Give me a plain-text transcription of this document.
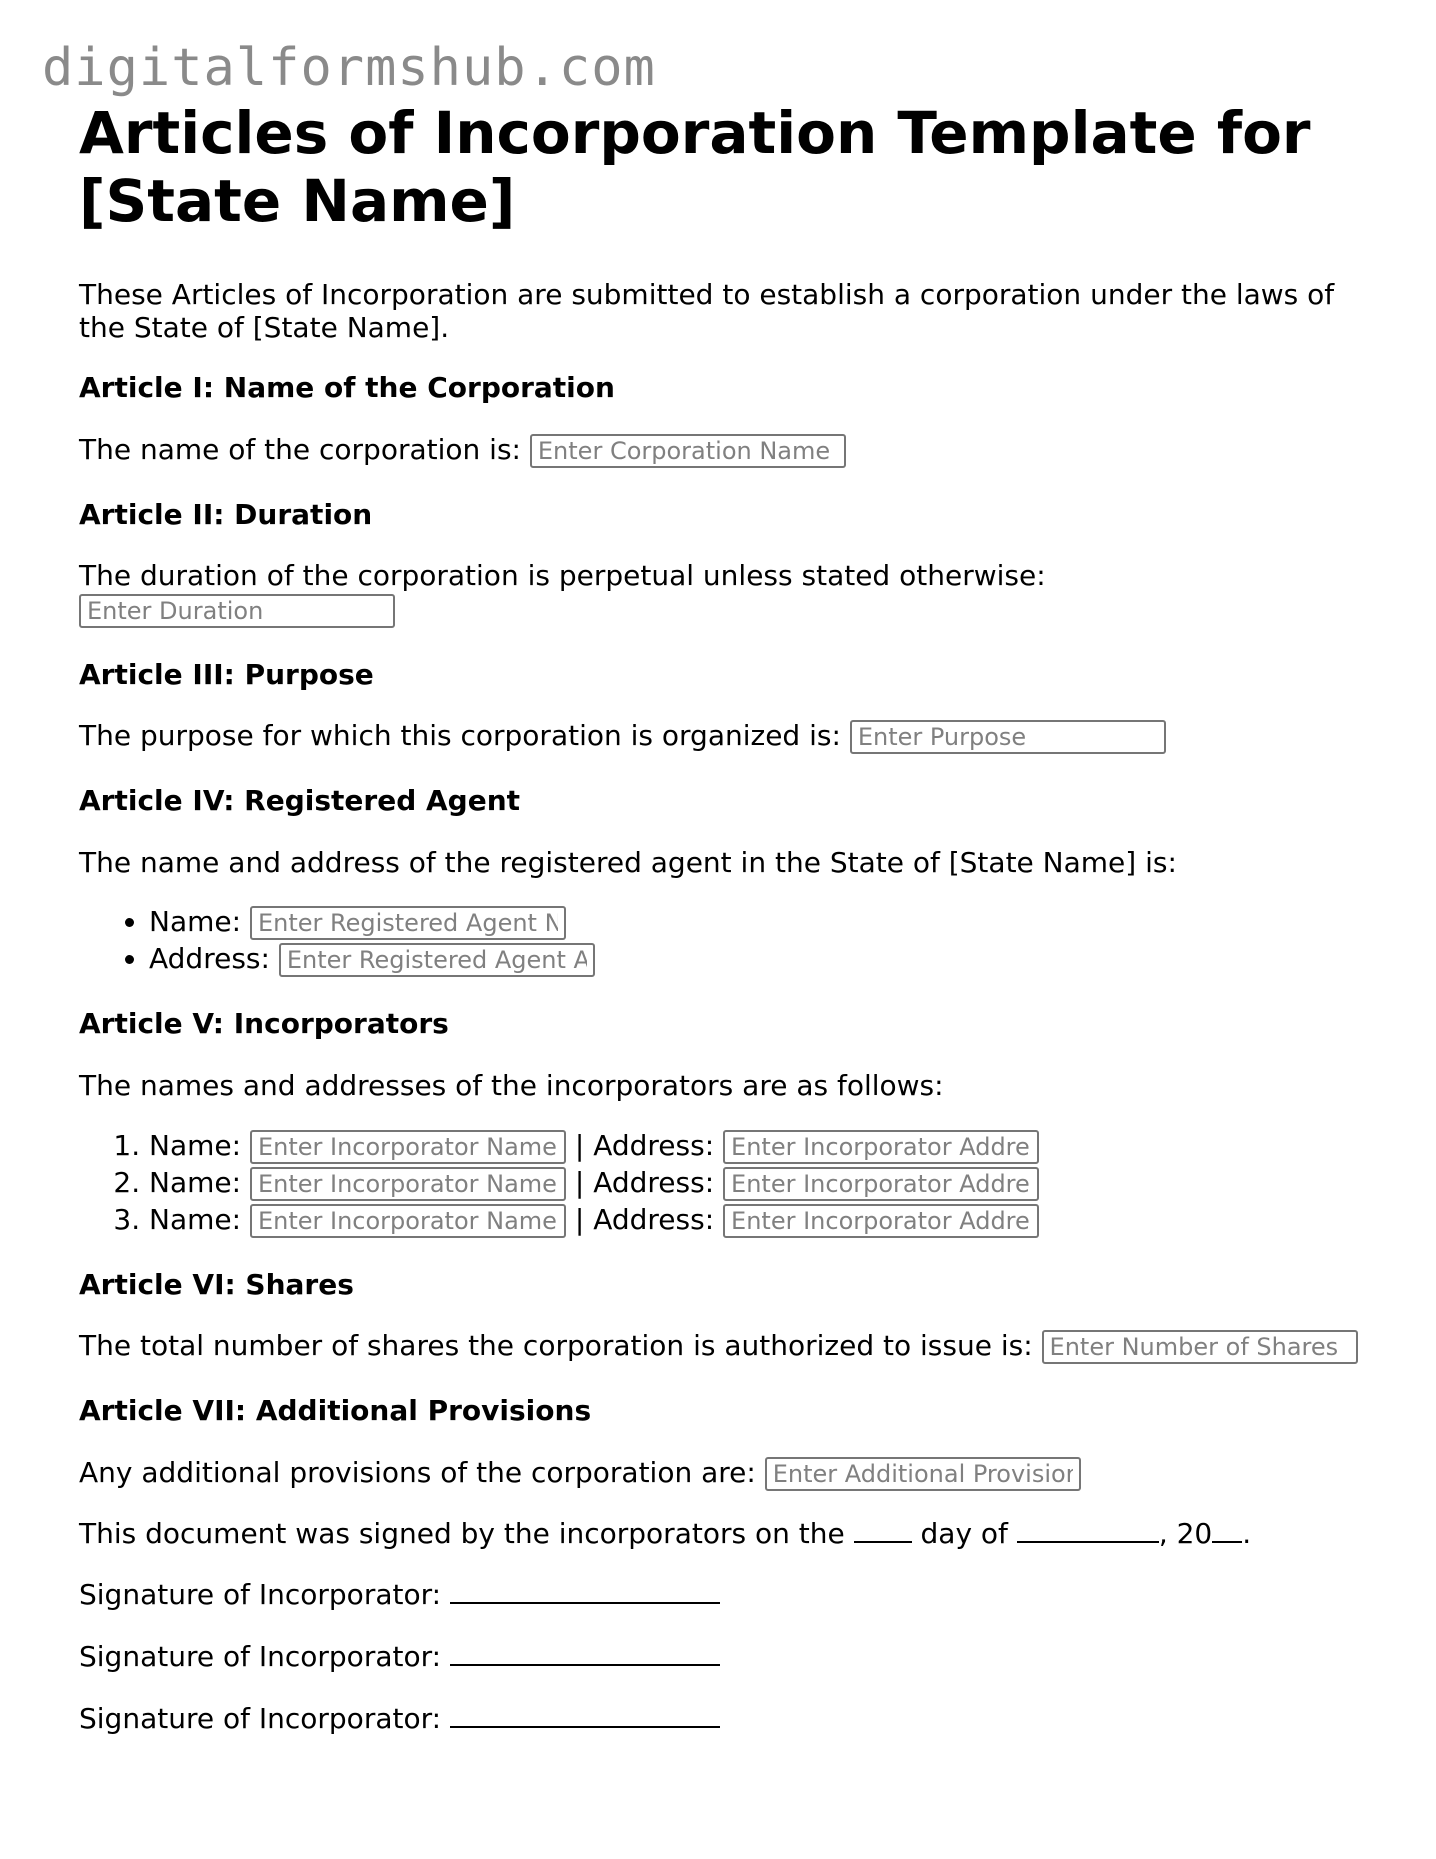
digitalformshub.com
Articles of Incorporation Template for [State Name]

These Articles of Incorporation are submitted to establish a corporation under the laws of the State of [State Name].

Article I: Name of the Corporation

The name of the corporation is: Enter Corporation Name

Article II: Duration

The duration of the corporation is perpetual unless stated otherwise:
Enter Duration

Article III: Purpose

The purpose for which this corporation is organized is: Enter Purpose

Article IV: Registered Agent

The name and address of the registered agent in the State of [State Name] is:

• Name: Enter Registered Agent Name
• Address: Enter Registered Agent Address
Article V: Incorporators

The names and addresses of the incorporators are as follows:

1. Name: Enter Incorporator Name 1	| Address: Enter Incorporator Address 1
2. Name: Enter Incorporator Name 2	| Address: Enter Incorporator Address 2
3. Name: Enter Incorporator Name 3	| Address: Enter Incorporator Address 3
Article VI: Shares

The total number of shares the corporation is authorized to issue is: Enter Number of Shares

Article VII: Additional Provisions

Any additional provisions of the corporation are: Enter Additional Provisions

This document was signed by the incorporators on the	day of	, 20 .

Signature of Incorporator:

Signature of Incorporator:

Signature of Incorporator:
